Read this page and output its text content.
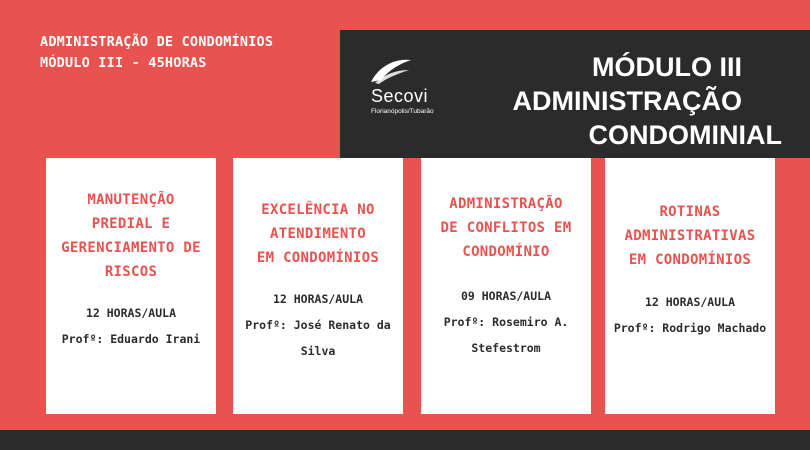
ADMINISTRAÇÃO DE CONDOMÍNIOS
MÓDULO III - 45HORAS
Secovi
Florianópolis/Tubarão
MÓDULO III
ADMINISTRAÇÃO
CONDOMINIAL
MANUTENÇÃO
PREDIAL E
GERENCIAMENTO DE
RISCOS
12 HORAS/AULA
Profº: Eduardo Irani
EXCELÊNCIA NO
ATENDIMENTO
EM CONDOMÍNIOS
12 HORAS/AULA
Profº: José Renato da
Silva
ADMINISTRAÇÃO
DE CONFLITOS EM
CONDOMÍNIO
09 HORAS/AULA
Profº: Rosemiro A.
Stefestrom
ROTINAS
ADMINISTRATIVAS
EM CONDOMÍNIOS
12 HORAS/AULA
Profº: Rodrigo Machado
